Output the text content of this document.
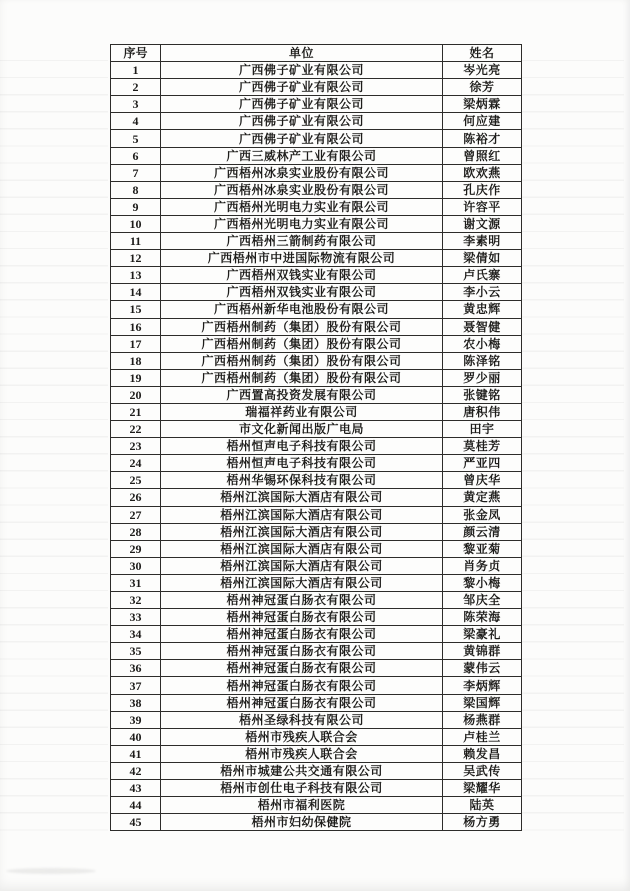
序号	单位	姓名
1	广西佛子矿业有限公司	岑光亮
2	广西佛子矿业有限公司	徐芳
3	广西佛子矿业有限公司	梁炳霖
4	广西佛子矿业有限公司	何应建
5	广西佛子矿业有限公司	陈裕才
6	广西三威林产工业有限公司	曾照红
7	广西梧州冰泉实业股份有限公司	欧欢燕
8	广西梧州冰泉实业股份有限公司	孔庆作
9	广西梧州光明电力实业有限公司	许容平
10	广西梧州光明电力实业有限公司	谢文源
11	广西梧州三箭制药有限公司	李素明
12	广西梧州市中进国际物流有限公司	梁倩如
13	广西梧州双钱实业有限公司	卢氏寨
14	广西梧州双钱实业有限公司	李小云
15	广西梧州新华电池股份有限公司	黄忠辉
16	广西梧州制药（集团）股份有限公司	聂智健
17	广西梧州制药（集团）股份有限公司	农小梅
18	广西梧州制药（集团）股份有限公司	陈泽铭
19	广西梧州制药（集团）股份有限公司	罗少丽
20	广西置高投资发展有限公司	张键铭
21	瑞福祥药业有限公司	唐积伟
22	市文化新闻出版广电局	田宇
23	梧州恒声电子科技有限公司	莫桂芳
24	梧州恒声电子科技有限公司	严亚四
25	梧州华锡环保科技有限公司	曾庆华
26	梧州江滨国际大酒店有限公司	黄定燕
27	梧州江滨国际大酒店有限公司	张金凤
28	梧州江滨国际大酒店有限公司	颜云清
29	梧州江滨国际大酒店有限公司	黎亚菊
30	梧州江滨国际大酒店有限公司	肖务贞
31	梧州江滨国际大酒店有限公司	黎小梅
32	梧州神冠蛋白肠衣有限公司	邹庆全
33	梧州神冠蛋白肠衣有限公司	陈荣海
34	梧州神冠蛋白肠衣有限公司	梁豪礼
35	梧州神冠蛋白肠衣有限公司	黄锦群
36	梧州神冠蛋白肠衣有限公司	蒙伟云
37	梧州神冠蛋白肠衣有限公司	李炳辉
38	梧州神冠蛋白肠衣有限公司	梁国辉
39	梧州圣绿科技有限公司	杨燕群
40	梧州市残疾人联合会	卢桂兰
41	梧州市残疾人联合会	赖发昌
42	梧州市城建公共交通有限公司	吴武传
43	梧州市创仕电子科技有限公司	梁耀华
44	梧州市福利医院	陆英
45	梧州市妇幼保健院	杨方勇
